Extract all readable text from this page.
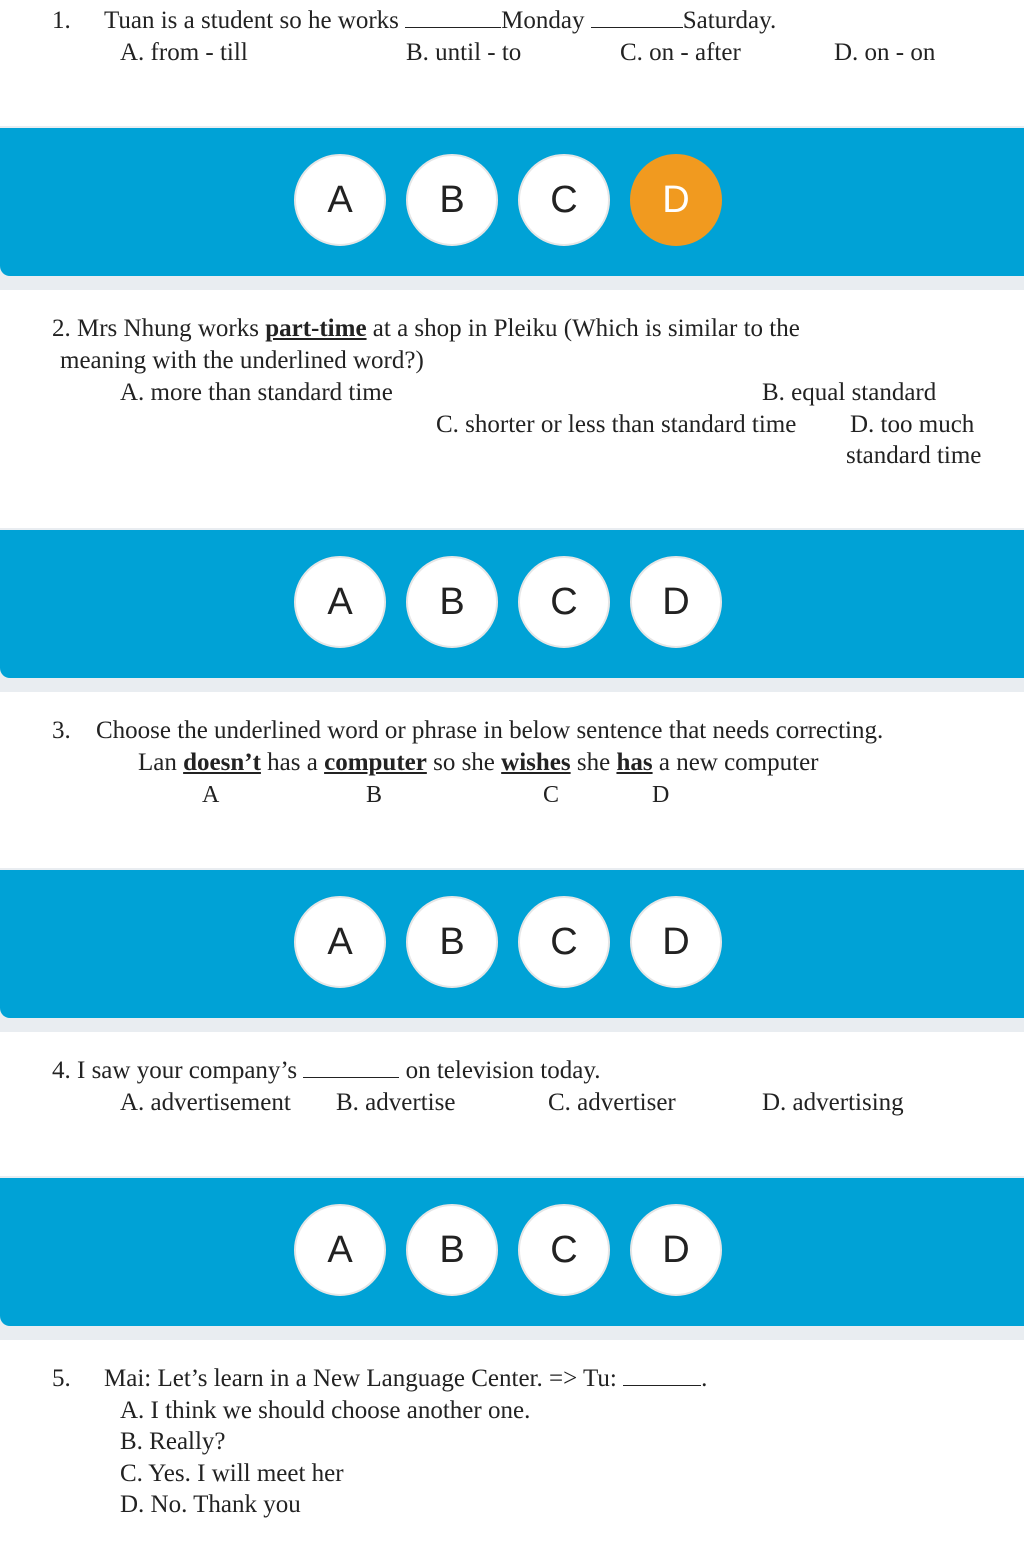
1. Tuan is a student so he works	Monday	Saturday.
A. from - till	B. until - to	C. on - after	D. on - on
A	B	C	D
2. Mrs Nhung works part-time at a shop in Pleiku (Which is similar to the
meaning with the underlined word?)
A. more than standard time	B. equal standard
C. shorter or less than standard time D. too much
standard time
A	B	C	D
3. Choose the underlined word or phrase in below sentence that needs correcting.
Lan doesn’t has a computer so she wishes she has a new computer
A	B	C	D
A	B	C	D
4. I saw your company’s	on television today.
A. advertisement B. advertise	C. advertiser	D. advertising
A	B	C	D
5. Mai: Let’s learn in a New Language Center. => Tu:	.
A. I think we should choose another one.
B. Really?
C. Yes. I will meet her
D. No. Thank you
